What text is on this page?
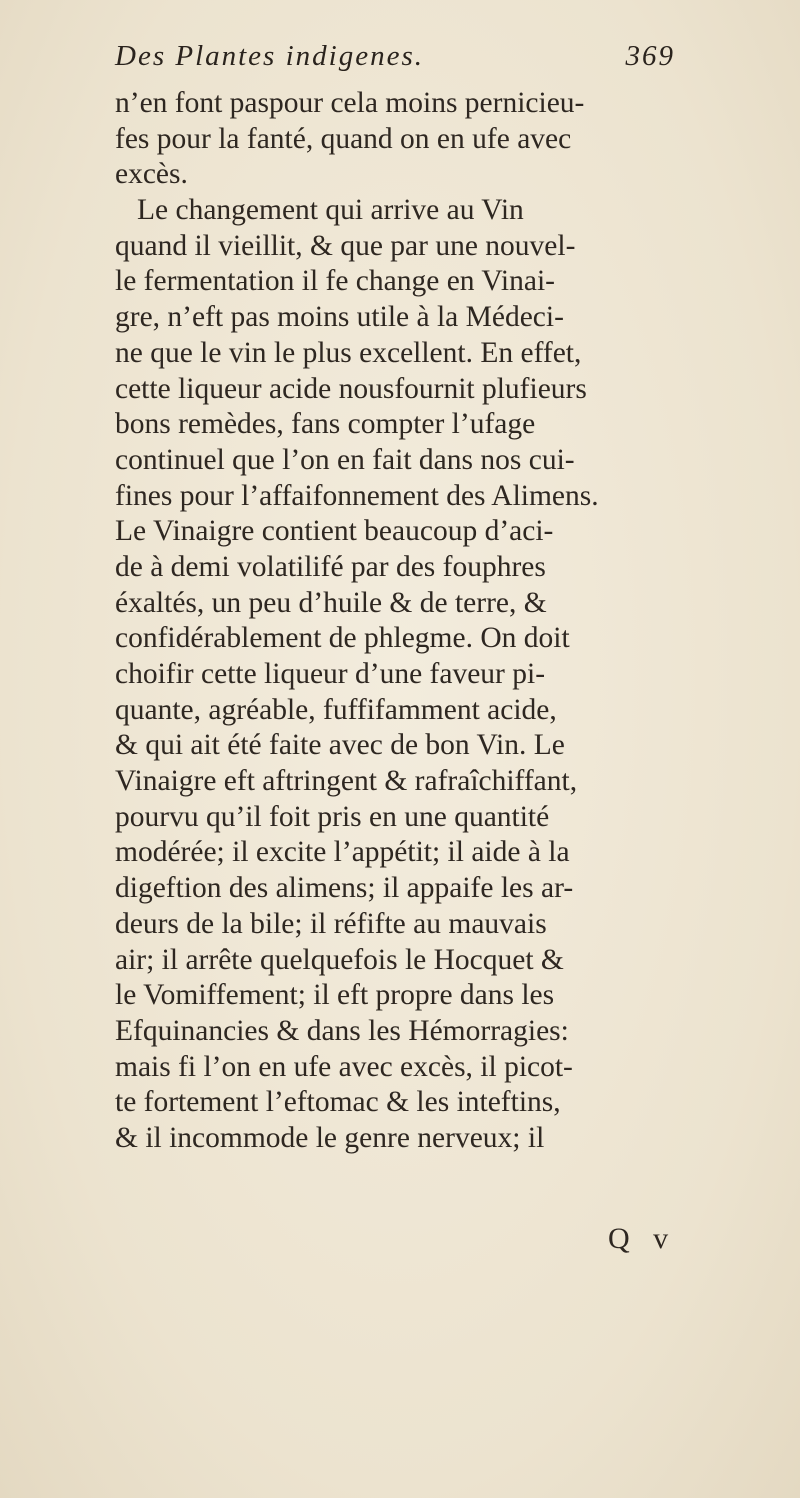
Des Plantes indigenes.	369
n’en font paspour cela moins pernicieu-
fes pour la fanté, quand on en ufe avec
excès.
Le changement qui arrive au Vin
quand il vieillit, & que par une nouvel-
le fermentation il fe change en Vinai-
gre, n’eft pas moins utile à la Médeci-
ne que le vin le plus excellent. En effet,
cette liqueur acide nousfournit plufieurs
bons remèdes, fans compter l’ufage
continuel que l’on en fait dans nos cui-
fines pour l’affaifonnement des Alimens.
Le Vinaigre contient beaucoup d’aci-
de à demi volatilifé par des fouphres
éxaltés, un peu d’huile & de terre, &
confidérablement de phlegme. On doit
choifir cette liqueur d’une faveur pi-
quante, agréable, fuffifamment acide,
& qui ait été faite avec de bon Vin. Le
Vinaigre eft aftringent & rafraîchiffant,
pourvu qu’il foit pris en une quantité
modérée; il excite l’appétit; il aide à la
digeftion des alimens; il appaife les ar-
deurs de la bile; il réfifte au mauvais
air; il arrête quelquefois le Hocquet &
le Vomiffement; il eft propre dans les
Efquinancies & dans les Hémorragies:
mais fi l’on en ufe avec excès, il picot-
te fortement l’eftomac & les inteftins,
& il incommode le genre nerveux; il
Q v
